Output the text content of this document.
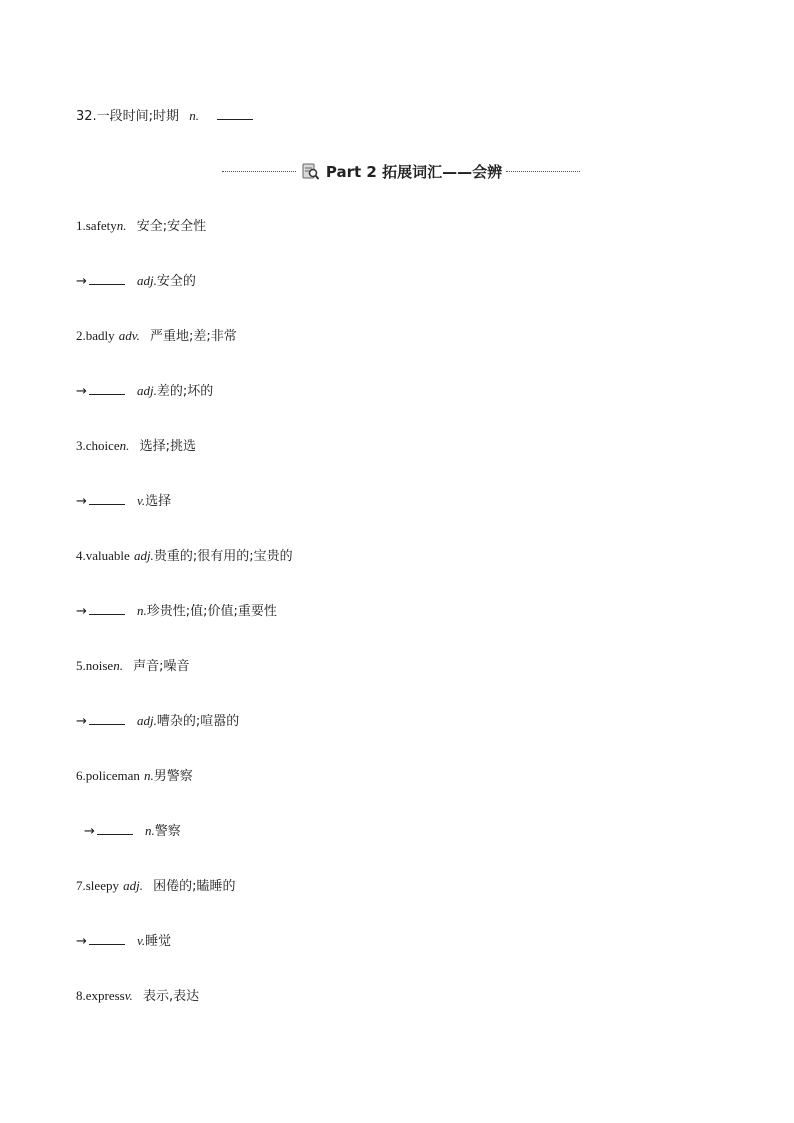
32.一段时间;时期 n.
Part 2 拓展词汇——会辨
1.safetyn. 安全;安全性
→	adj.安全的
2.badly adv. 严重地;差;非常
→	adj.差的;坏的
3.choicen. 选择;挑选
→	v.选择
4.valuable adj.贵重的;很有用的;宝贵的
→	n.珍贵性;值;价值;重要性
5.noisen. 声音;噪音
→	adj.嘈杂的;喧嚣的
6.policeman n.男警察
→	n.警察
7.sleepy adj. 困倦的;瞌睡的
→	v.睡觉
8.expressv. 表示,表达
